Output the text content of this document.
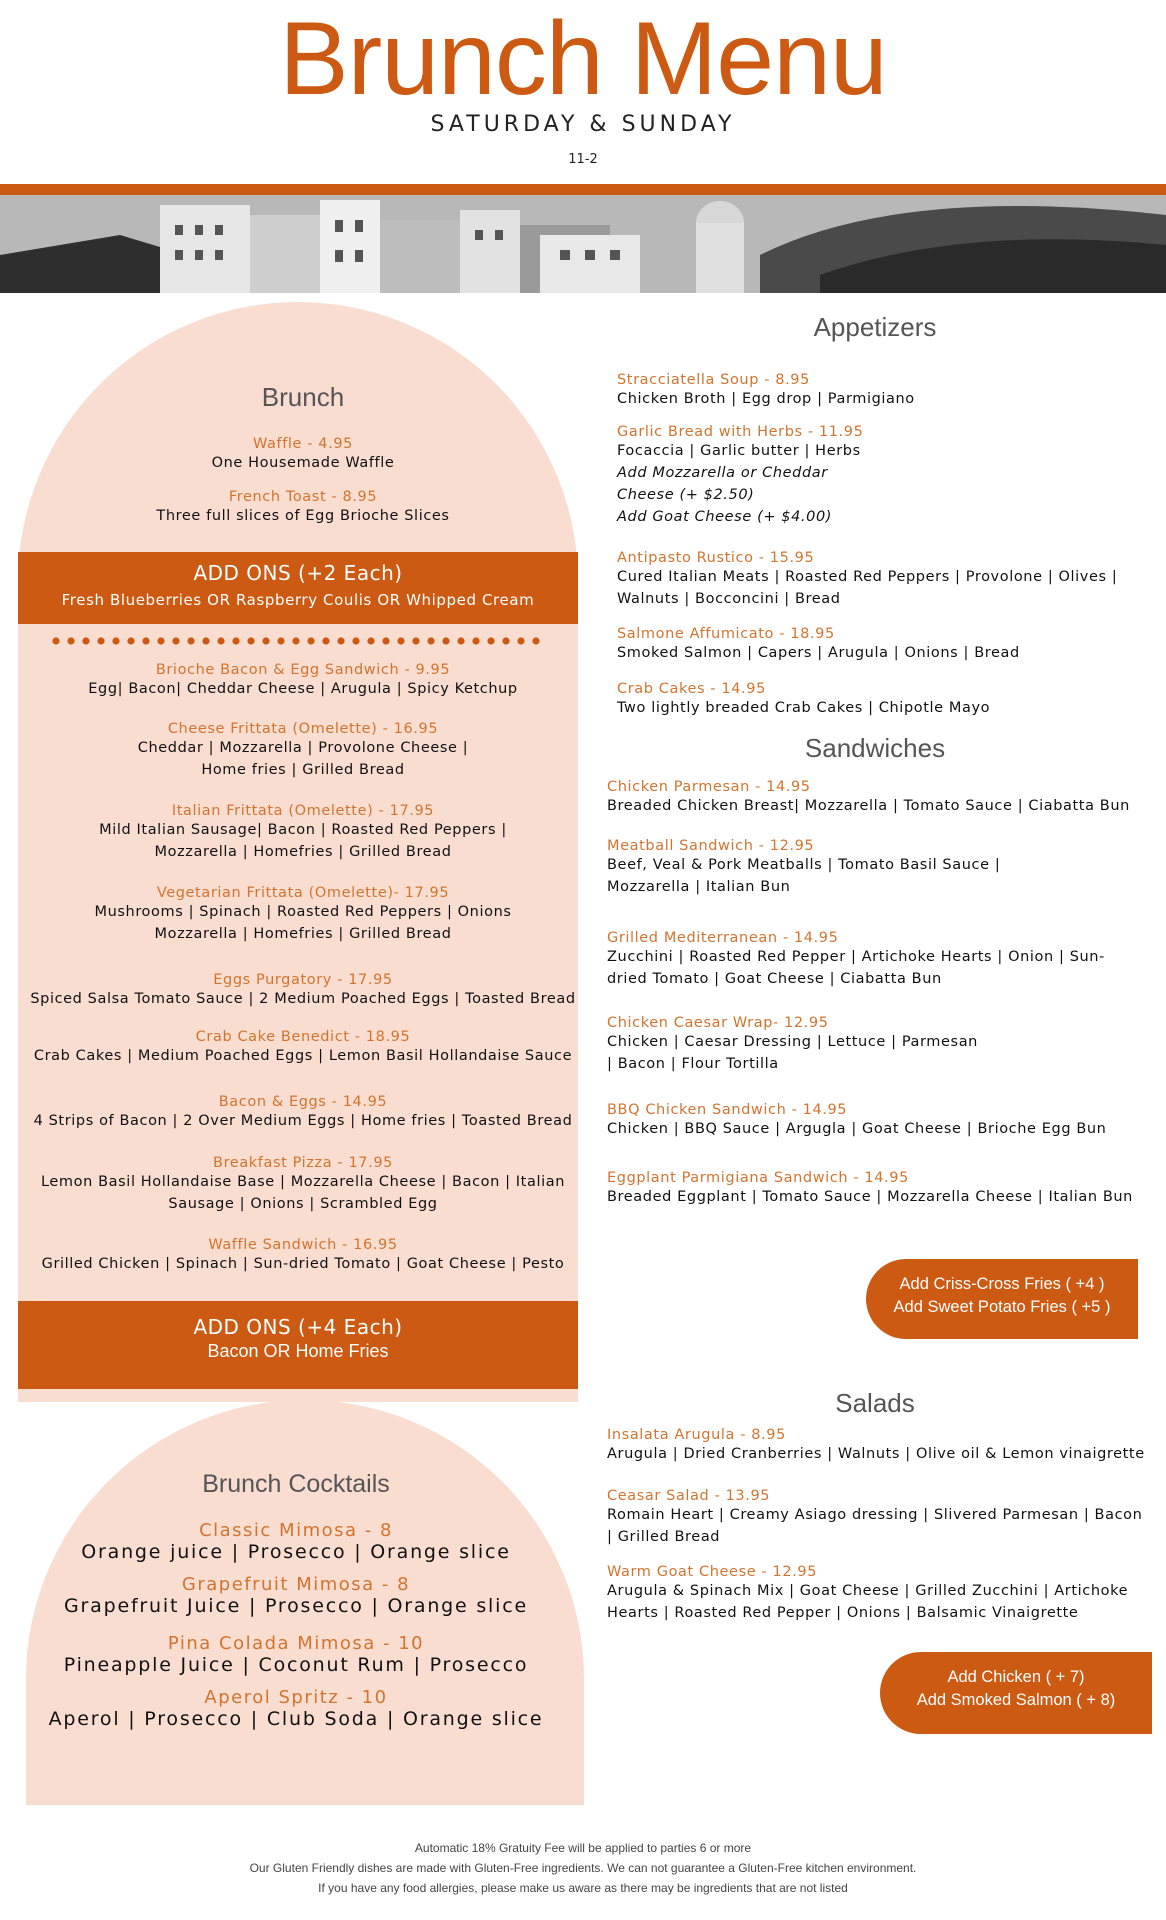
Brunch Menu
SATURDAY & SUNDAY
11-2
Brunch
Waffle - 4.95
One Housemade Waffle
French Toast - 8.95
Three full slices of Egg Brioche Slices
ADD ONS (+2 Each)
Fresh Blueberries OR Raspberry Coulis OR Whipped Cream
Brioche Bacon & Egg Sandwich - 9.95
Egg| Bacon| Cheddar Cheese | Arugula | Spicy Ketchup
Cheese Frittata (Omelette) - 16.95
Cheddar | Mozzarella | Provolone Cheese |
Home fries | Grilled Bread
Italian Frittata (Omelette) - 17.95
Mild Italian Sausage| Bacon | Roasted Red Peppers |
Mozzarella | Homefries | Grilled Bread
Vegetarian Frittata (Omelette)- 17.95
Mushrooms | Spinach | Roasted Red Peppers | Onions
Mozzarella | Homefries | Grilled Bread
Eggs Purgatory - 17.95
Spiced Salsa Tomato Sauce | 2 Medium Poached Eggs | Toasted Bread
Crab Cake Benedict - 18.95
Crab Cakes | Medium Poached Eggs | Lemon Basil Hollandaise Sauce
Bacon & Eggs - 14.95
4 Strips of Bacon | 2 Over Medium Eggs | Home fries | Toasted Bread
Breakfast Pizza - 17.95
Lemon Basil Hollandaise Base | Mozzarella Cheese | Bacon | Italian
Sausage | Onions | Scrambled Egg
Waffle Sandwich - 16.95
Grilled Chicken | Spinach | Sun-dried Tomato | Goat Cheese | Pesto
ADD ONS (+4 Each)
Bacon OR Home Fries
Brunch Cocktails
Classic Mimosa - 8
Orange juice | Prosecco | Orange slice
Grapefruit Mimosa - 8
Grapefruit Juice | Prosecco | Orange slice
Pina Colada Mimosa - 10
Pineapple Juice | Coconut Rum | Prosecco
Aperol Spritz - 10
Aperol | Prosecco | Club Soda | Orange slice
Appetizers
Stracciatella Soup - 8.95
Chicken Broth | Egg drop | Parmigiano
Garlic Bread with Herbs - 11.95
Focaccia | Garlic butter | Herbs
Add Mozzarella or Cheddar
Cheese (+ $2.50)
Add Goat Cheese (+ $4.00)
Antipasto Rustico - 15.95
Cured Italian Meats | Roasted Red Peppers | Provolone | Olives |
Walnuts | Bocconcini | Bread
Salmone Affumicato - 18.95
Smoked Salmon | Capers | Arugula | Onions | Bread
Crab Cakes - 14.95
Two lightly breaded Crab Cakes | Chipotle Mayo
Sandwiches
Chicken Parmesan - 14.95
Breaded Chicken Breast| Mozzarella | Tomato Sauce | Ciabatta Bun
Meatball Sandwich - 12.95
Beef, Veal & Pork Meatballs | Tomato Basil Sauce |
Mozzarella | Italian Bun
Grilled Mediterranean - 14.95
Zucchini | Roasted Red Pepper | Artichoke Hearts | Onion | Sun-
dried Tomato | Goat Cheese | Ciabatta Bun
Chicken Caesar Wrap- 12.95
Chicken | Caesar Dressing | Lettuce | Parmesan
| Bacon | Flour Tortilla
BBQ Chicken Sandwich - 14.95
Chicken | BBQ Sauce | Argugla | Goat Cheese | Brioche Egg Bun
Eggplant Parmigiana Sandwich - 14.95
Breaded Eggplant | Tomato Sauce | Mozzarella Cheese | Italian Bun
Add Criss-Cross Fries ( +4 )
Add Sweet Potato Fries ( +5 )
Salads
Insalata Arugula - 8.95
Arugula | Dried Cranberries | Walnuts | Olive oil & Lemon vinaigrette
Ceasar Salad - 13.95
Romain Heart | Creamy Asiago dressing | Slivered Parmesan | Bacon
| Grilled Bread
Warm Goat Cheese - 12.95
Arugula & Spinach Mix | Goat Cheese | Grilled Zucchini | Artichoke
Hearts | Roasted Red Pepper | Onions | Balsamic Vinaigrette
Add Chicken ( + 7)
Add Smoked Salmon ( + 8)
Automatic 18% Gratuity Fee will be applied to parties 6 or more
Our Gluten Friendly dishes are made with Gluten-Free ingredients. We can not guarantee a Gluten-Free kitchen environment.
If you have any food allergies, please make us aware as there may be ingredients that are not listed
